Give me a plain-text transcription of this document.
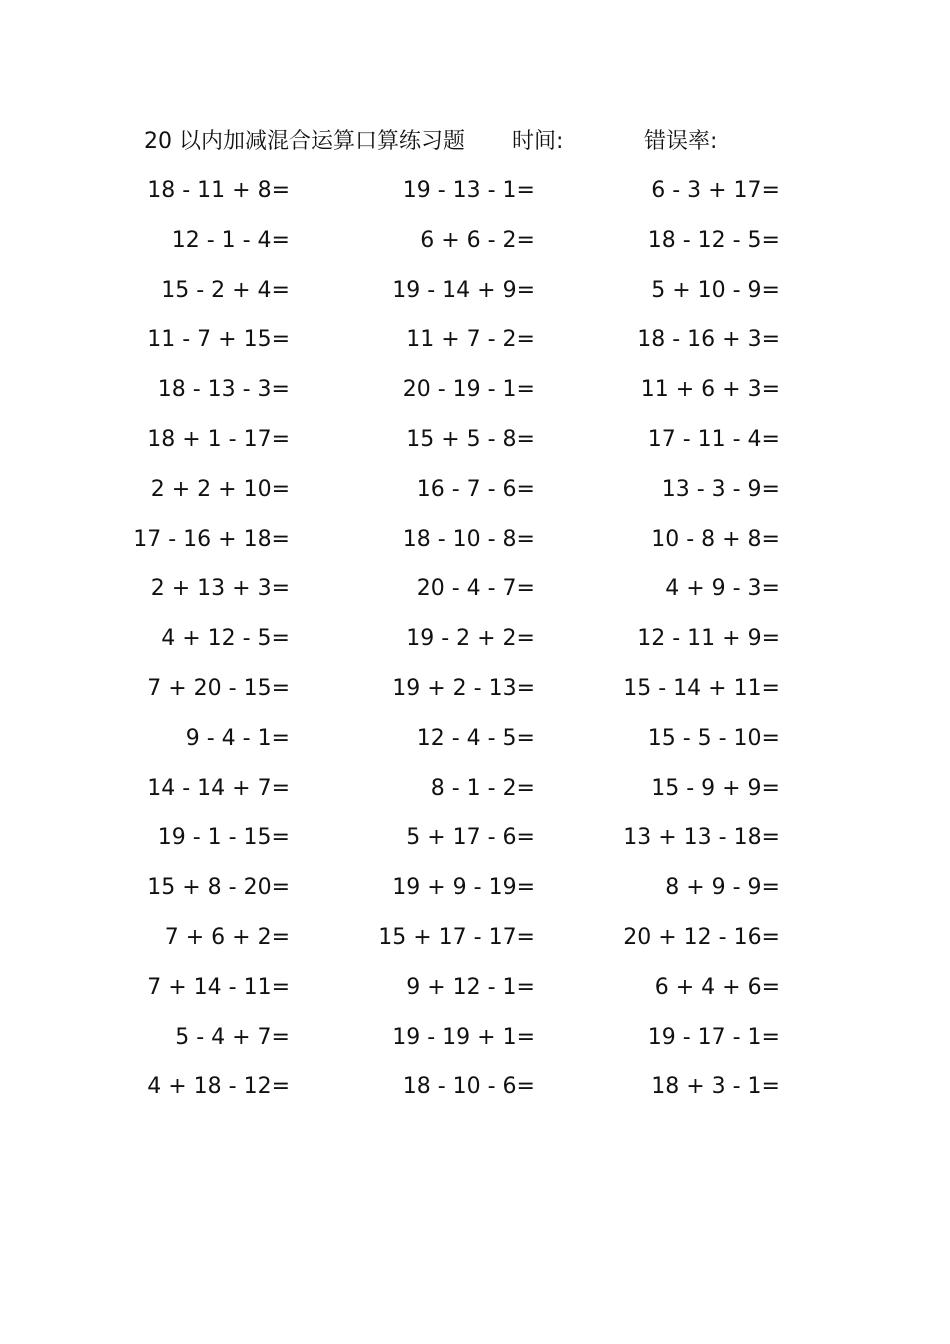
20 以内加减混合运算口算练习题 时间:	错误率:
18 - 11 + 8=	19 - 13 - 1=	6 - 3 + 17=
12 - 1 - 4=	6 + 6 - 2=	18 - 12 - 5=
15 - 2 + 4=	19 - 14 + 9=	5 + 10 - 9=
11 - 7 + 15=	11 + 7 - 2=	18 - 16 + 3=
18 - 13 - 3=	20 - 19 - 1=	11 + 6 + 3=
18 + 1 - 17=	15 + 5 - 8=	17 - 11 - 4=
2 + 2 + 10=	16 - 7 - 6=	13 - 3 - 9=
17 - 16 + 18=	18 - 10 - 8=	10 - 8 + 8=
2 + 13 + 3=	20 - 4 - 7=	4 + 9 - 3=
4 + 12 - 5=	19 - 2 + 2=	12 - 11 + 9=
7 + 20 - 15=	19 + 2 - 13=	15 - 14 + 11=
9 - 4 - 1=	12 - 4 - 5=	15 - 5 - 10=
14 - 14 + 7=	8 - 1 - 2=	15 - 9 + 9=
19 - 1 - 15=	5 + 17 - 6=	13 + 13 - 18=
15 + 8 - 20=	19 + 9 - 19=	8 + 9 - 9=
7 + 6 + 2=	15 + 17 - 17=	20 + 12 - 16=
7 + 14 - 11=	9 + 12 - 1=	6 + 4 + 6=
5 - 4 + 7=	19 - 19 + 1=	19 - 17 - 1=
4 + 18 - 12=	18 - 10 - 6=	18 + 3 - 1=
